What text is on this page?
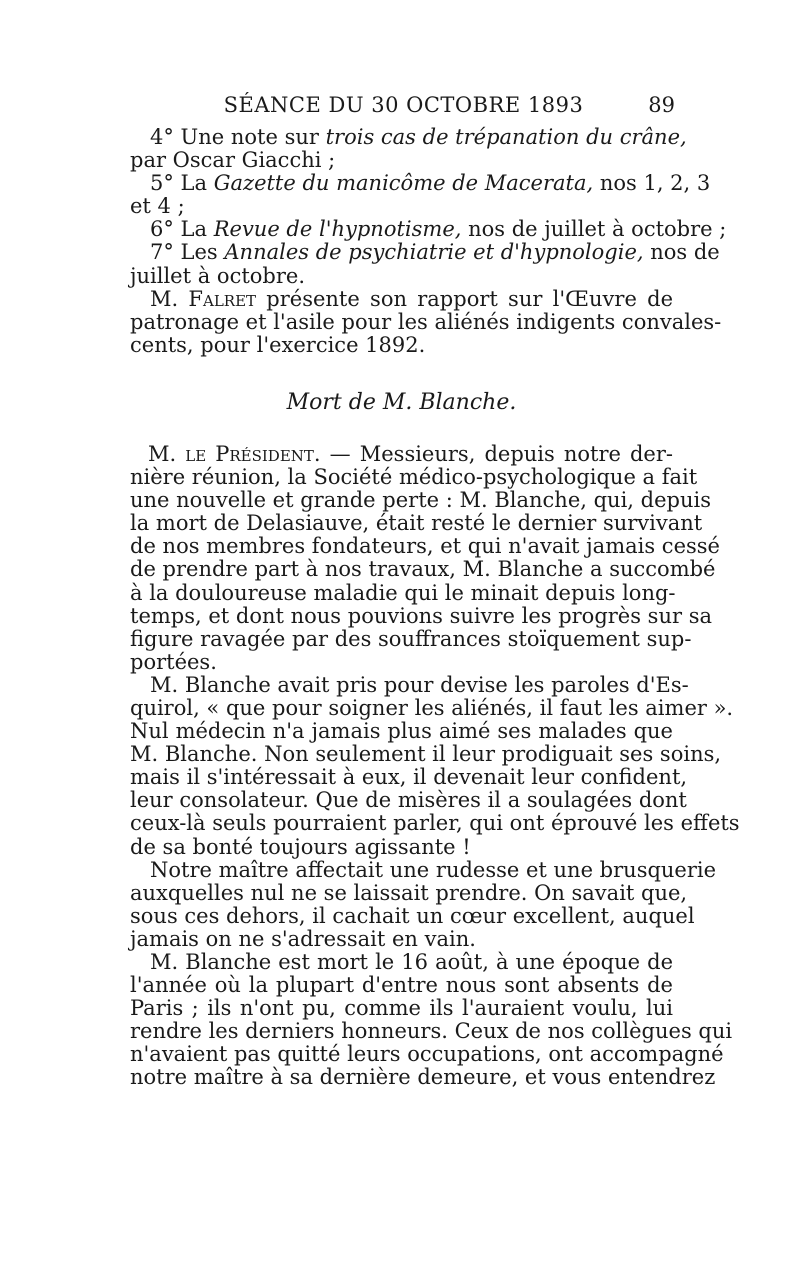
SÉANCE DU 30 OCTOBRE 1893	89
4° Une note sur trois cas de trépanation du crâne,
par Oscar Giacchi ;
5° La Gazette du manicôme de Macerata, nos 1, 2, 3
et 4 ;
6° La Revue de l'hypnotisme, nos de juillet à octobre ;
7° Les Annales de psychiatrie et d'hypnologie, nos de
juillet à octobre.
M. Falret présente son rapport sur l'Œuvre de
patronage et l'asile pour les aliénés indigents convales-
cents, pour l'exercice 1892.
Mort de M. Blanche.
M. le Président. — Messieurs, depuis notre der-
nière réunion, la Société médico-psychologique a fait
une nouvelle et grande perte : M. Blanche, qui, depuis
la mort de Delasiauve, était resté le dernier survivant
de nos membres fondateurs, et qui n'avait jamais cessé
de prendre part à nos travaux, M. Blanche a succombé
à la douloureuse maladie qui le minait depuis long-
temps, et dont nous pouvions suivre les progrès sur sa
figure ravagée par des souffrances stoïquement sup-
portées.
M. Blanche avait pris pour devise les paroles d'Es-
quirol, « que pour soigner les aliénés, il faut les aimer ».
Nul médecin n'a jamais plus aimé ses malades que
M. Blanche. Non seulement il leur prodiguait ses soins,
mais il s'intéressait à eux, il devenait leur confident,
leur consolateur. Que de misères il a soulagées dont
ceux-là seuls pourraient parler, qui ont éprouvé les effets
de sa bonté toujours agissante !
Notre maître affectait une rudesse et une brusquerie
auxquelles nul ne se laissait prendre. On savait que,
sous ces dehors, il cachait un cœur excellent, auquel
jamais on ne s'adressait en vain.
M. Blanche est mort le 16 août, à une époque de
l'année où la plupart d'entre nous sont absents de
Paris ; ils n'ont pu, comme ils l'auraient voulu, lui
rendre les derniers honneurs. Ceux de nos collègues qui
n'avaient pas quitté leurs occupations, ont accompagné
notre maître à sa dernière demeure, et vous entendrez
